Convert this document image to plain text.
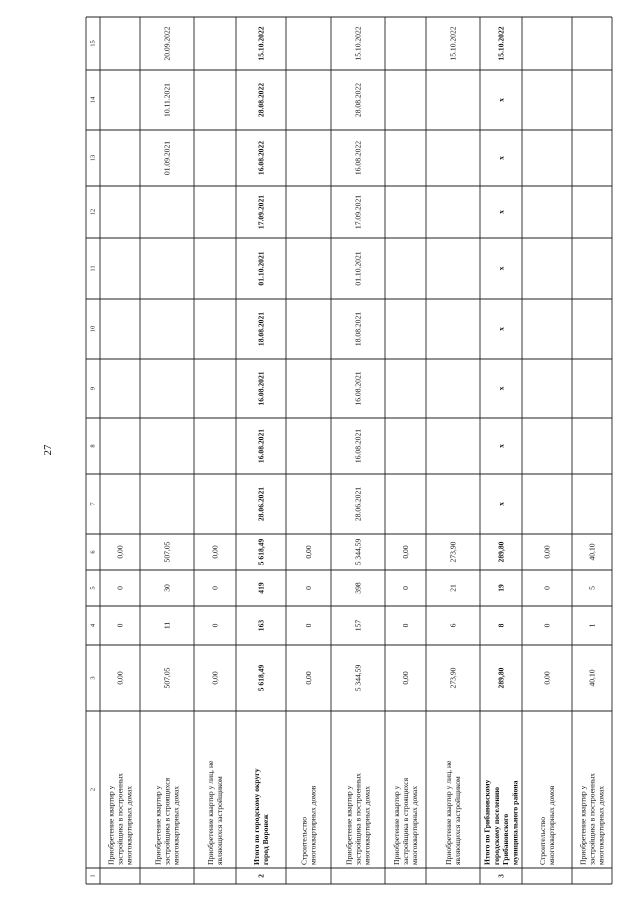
27
1
2
3
4
5
6
7
8
9
10
11
12
13
14
15
Приобретение квартир у застройщика в построенных многоквартирных домах
0,00
0
0
0,00
Приобретение квартир у застройщика в строящихся многоквартирных домах
507,05
11
30
507,05
01.09.2021
10.11.2021
20.09.2022
Приобретение квартир у лиц, не являющихся застройщиком
0,00
0
0
0,00
2
Итого по городскому округу город Воронеж
5 618,49
163
419
5 618,49
28.06.2021
16.08.2021
16.08.2021
18.08.2021
01.10.2021
17.09.2021
16.08.2022
28.08.2022
15.10.2022
Строительство многоквартирных домов
0,00
0
0
0,00
Приобретение квартир у застройщика в построенных многоквартирных домах
5 344,59
157
398
5 344,59
28.06.2021
16.08.2021
16.08.2021
18.08.2021
01.10.2021
17.09.2021
16.08.2022
28.08.2022
15.10.2022
Приобретение квартир у застройщика в строящихся многоквартирных домах
0,00
0
0
0,00
Приобретение квартир у лиц, не являющихся застройщиком
273,90
6
21
273,90
15.10.2022
3
Итого по Грибановскому городскому поселению Грибановского муниципального района
289,80
8
19
289,80
x
x
x
x
x
x
x
x
15.10.2022
Строительство многоквартирных домов
0,00
0
0
0,00
Приобретение квартир у застройщика в построенных многоквартирных домах
40,10
1
5
40,10
